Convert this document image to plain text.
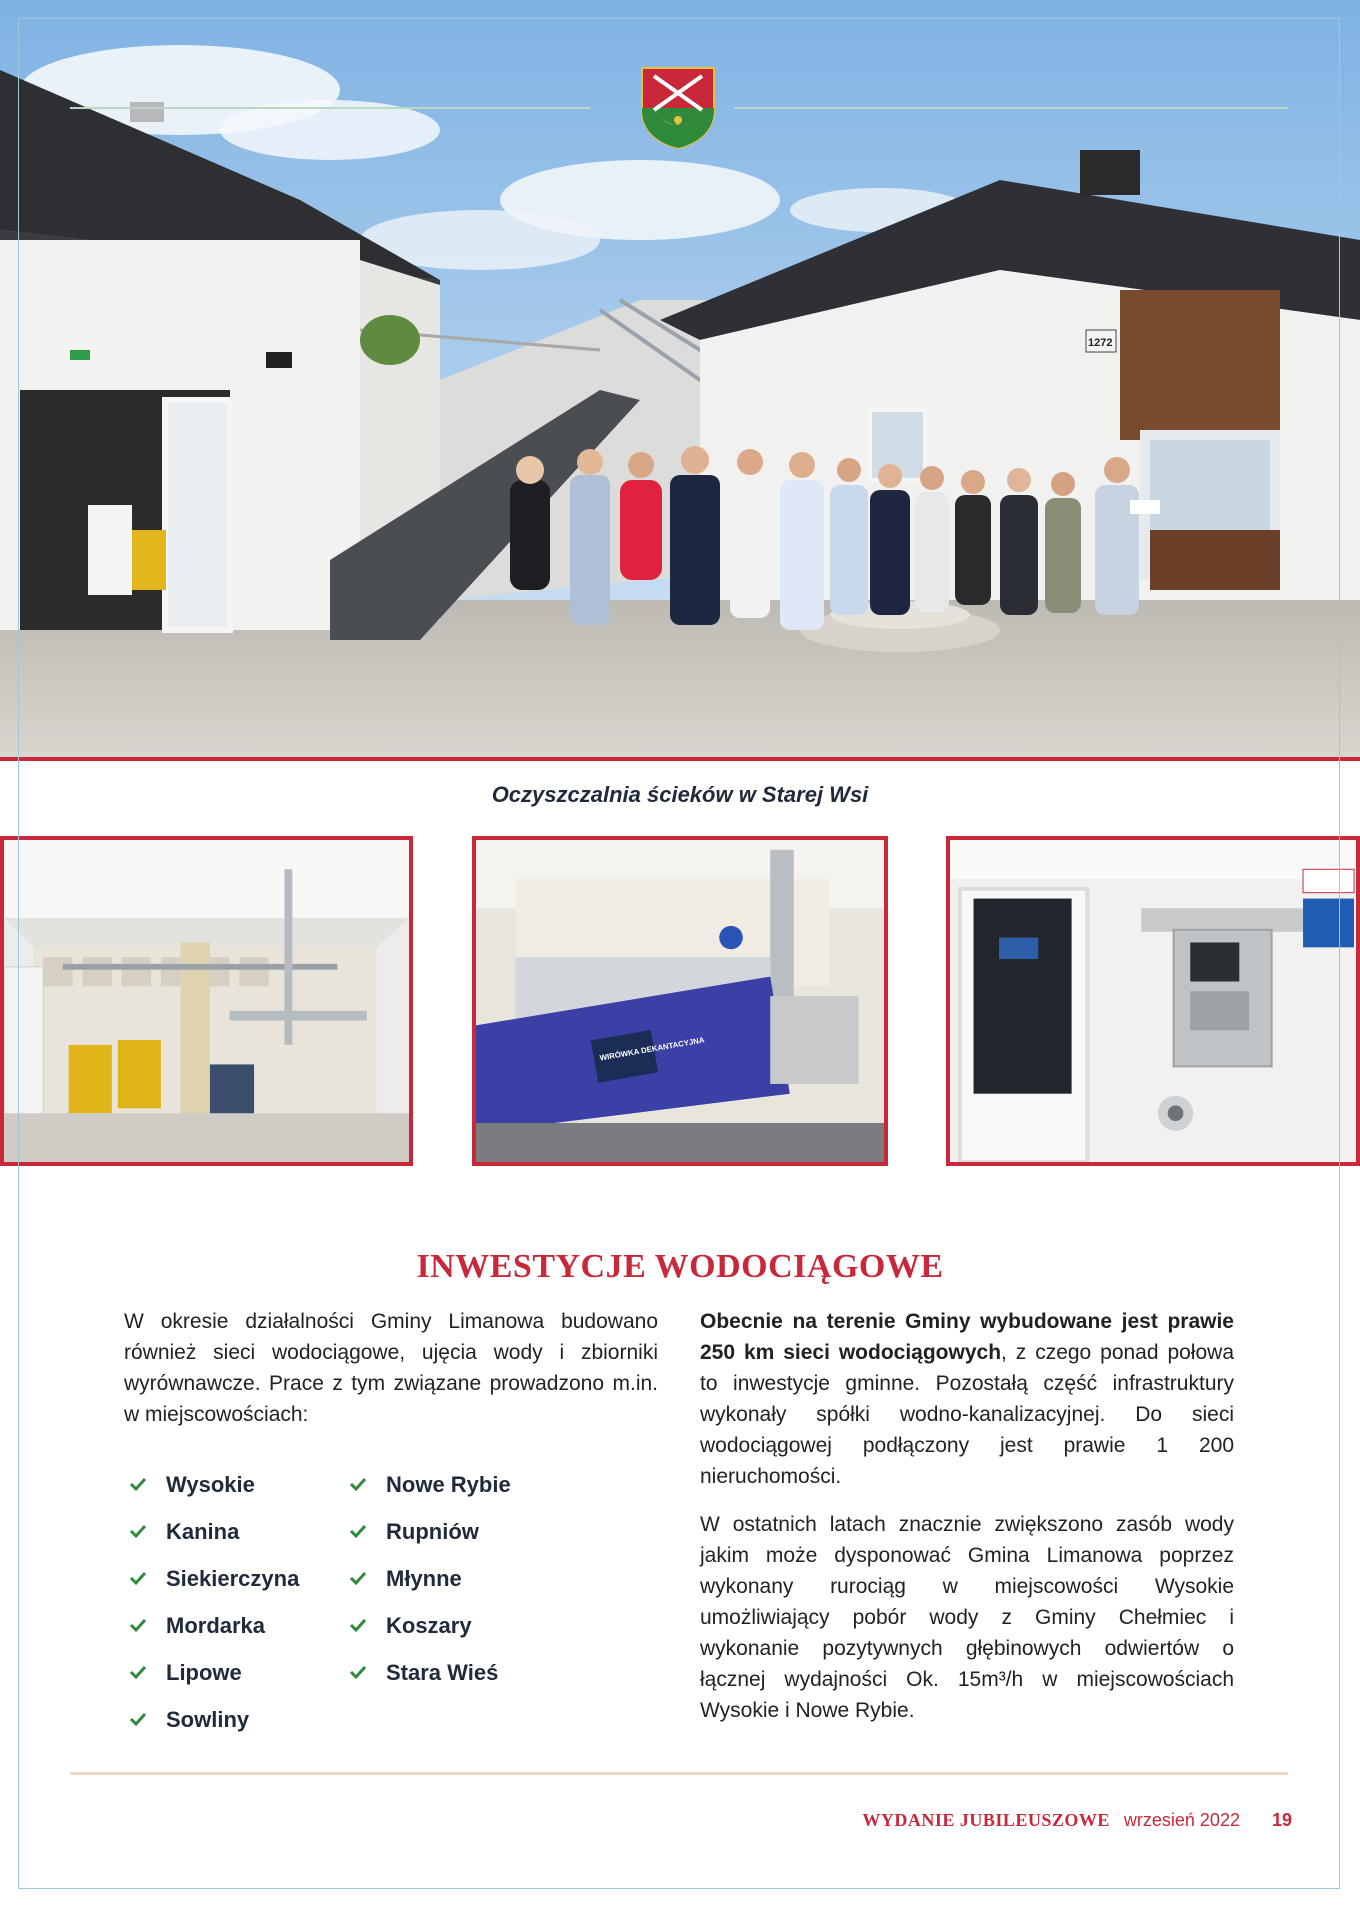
1272
Oczyszczalnia ścieków w Starej Wsi
WIRÓWKA DEKANTACYJNA
INWESTYCJE WODOCIĄGOWE

W okresie działalności Gminy Limanowa budowano również sieci wodociągowe, ujęcia wody i zbiorniki wyrównawcze. Prace z tym związane prowadzono m.in. w miejscowościach:

Wysokie
Kanina
Siekierczyna
Mordarka
Lipowe
Sowliny
Nowe Rybie
Rupniów
Młynne
Koszary
Stara Wieś

Obecnie na terenie Gminy wybudowane jest prawie 250 km sieci wodociągowych, z czego ponad połowa to inwestycje gminne. Pozostałą część infrastruktury wykonały spółki wodno-kanalizacyjnej. Do sieci wodociągowej podłączony jest prawie 1 200 nieruchomości.

W ostatnich latach znacznie zwiększono zasób wody jakim może dysponować Gmina Limanowa poprzez wykonany rurociąg w miejscowości Wysokie umożliwiający pobór wody z Gminy Chełmiec i wykonanie pozytywnych głębinowych odwiertów o łącznej wydajności Ok. 15m³/h w miejscowościach Wysokie i Nowe Rybie.

WYDANIE JUBILEUSZOWE wrzesień 2022 19
